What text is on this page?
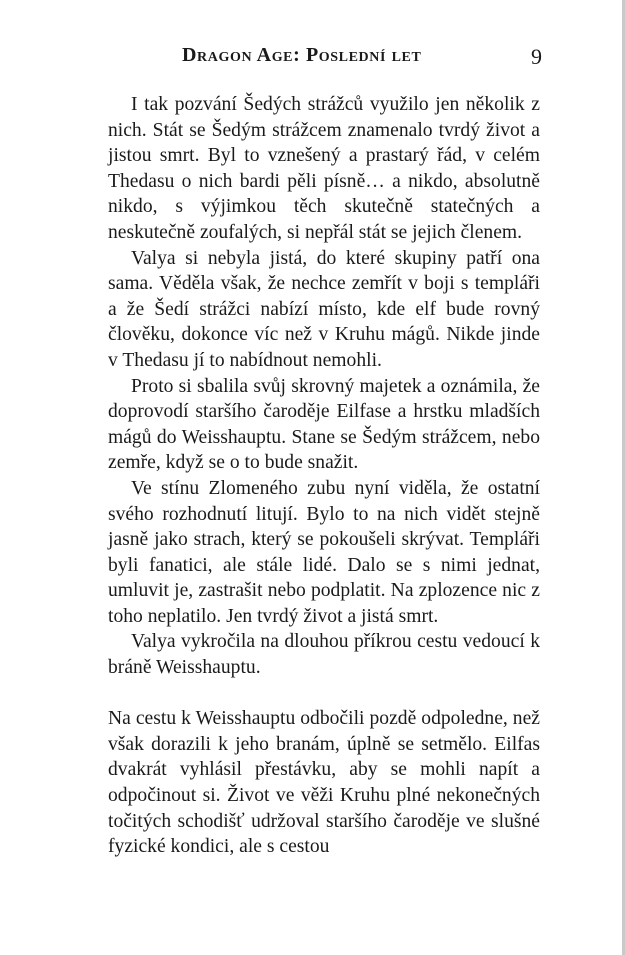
Dragon Age: Poslední let	9

I tak pozvání Šedých strážců využilo jen několik z nich. Stát se Šedým strážcem znamenalo tvrdý život a jistou smrt. Byl to vznešený a prastarý řád, v celém Thedasu o nich bardi pěli písně… a nikdo, absolutně nikdo, s výjimkou těch skutečně statečných a neskutečně zoufalých, si nepřál stát se jejich členem.

Valya si nebyla jistá, do které skupiny patří ona sama. Věděla však, že nechce zemřít v boji s templáři a že Šedí strážci nabízí místo, kde elf bude rovný člověku, dokonce víc než v Kruhu mágů. Nikde jinde v Thedasu jí to nabídnout nemohli.

Proto si sbalila svůj skrovný majetek a oznámila, že doprovodí staršího čaroděje Eilfase a hrstku mladších mágů do Weisshauptu. Stane se Šedým strážcem, nebo zemře, když se o to bude snažit.

Ve stínu Zlomeného zubu nyní viděla, že ostatní svého rozhodnutí litují. Bylo to na nich vidět stejně jasně jako strach, který se pokoušeli skrývat. Templáři byli fanatici, ale stále lidé. Dalo se s nimi jednat, umluvit je, zastrašit nebo podplatit. Na zplozence nic z toho neplatilo. Jen tvrdý život a jistá smrt.

Valya vykročila na dlouhou příkrou cestu vedoucí k bráně Weisshauptu.

Na cestu k Weisshauptu odbočili pozdě odpoledne, než však dorazili k jeho branám, úplně se setmělo. Eilfas dvakrát vyhlásil přestávku, aby se mohli napít a odpočinout si. Život ve věži Kruhu plné nekonečných točitých schodišť udržoval staršího čaroděje ve slušné fyzické kondici, ale s cestou
